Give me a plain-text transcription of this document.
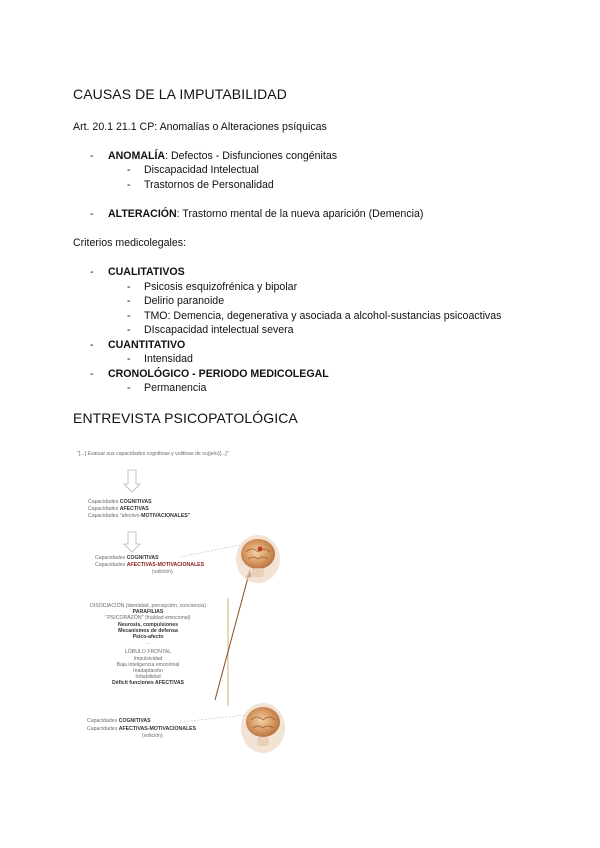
CAUSAS DE LA IMPUTABILIDAD

Art. 20.1 21.1 CP: Anomalías o Alteraciones psíquicas

- ANOMALÍA: Defectos - Disfunciones congénitas
- Discapacidad Intelectual
- Trastornos de Personalidad
- ALTERACIÓN: Trastorno mental de la nueva aparición (Demencia)

Criterios medicolegales:

- CUALITATIVOS
- Psicosis esquizofrénica y bipolar
- Delirio paranoide
- TMO: Demencia, degenerativa y asociada a alcohol-sustancias psicoactivas
- DIscapacidad intelectual severa
- CUANTITATIVO
- Intensidad
- CRONOLÓGICO - PERIODO MEDICOLEGAL
- Permanencia
ENTREVISTA PSICOPATOLÓGICA
"[...] Evaluar sus capacidades cognitivas y volitivas de su(jeto)[...]"
Capacidades COGNITIVAS
Capacidades AFECTIVAS
Capacidades "afectivo-MOTIVACIONALES"
Capacidades COGNITIVAS
Capacidades AFECTIVAS-MOTIVACIONALES
(volición)
DISOCIACIÓN (identidad, percepción, conciencia)
PARAFILIAS
"PSICORAZÓN" (frialdad emocional)
Neurosis, compulsiones
Mecanismos de defensa
Psico-afecto
...
LÓBULO FRONTAL
Impulsividad
Baja inteligencia emocional
Inadaptación
Irritabilidad
Déficit funciones AFECTIVAS
Capacidades COGNITIVAS
Capacidades AFECTIVAS-MOTIVACIONALES
(volición)
